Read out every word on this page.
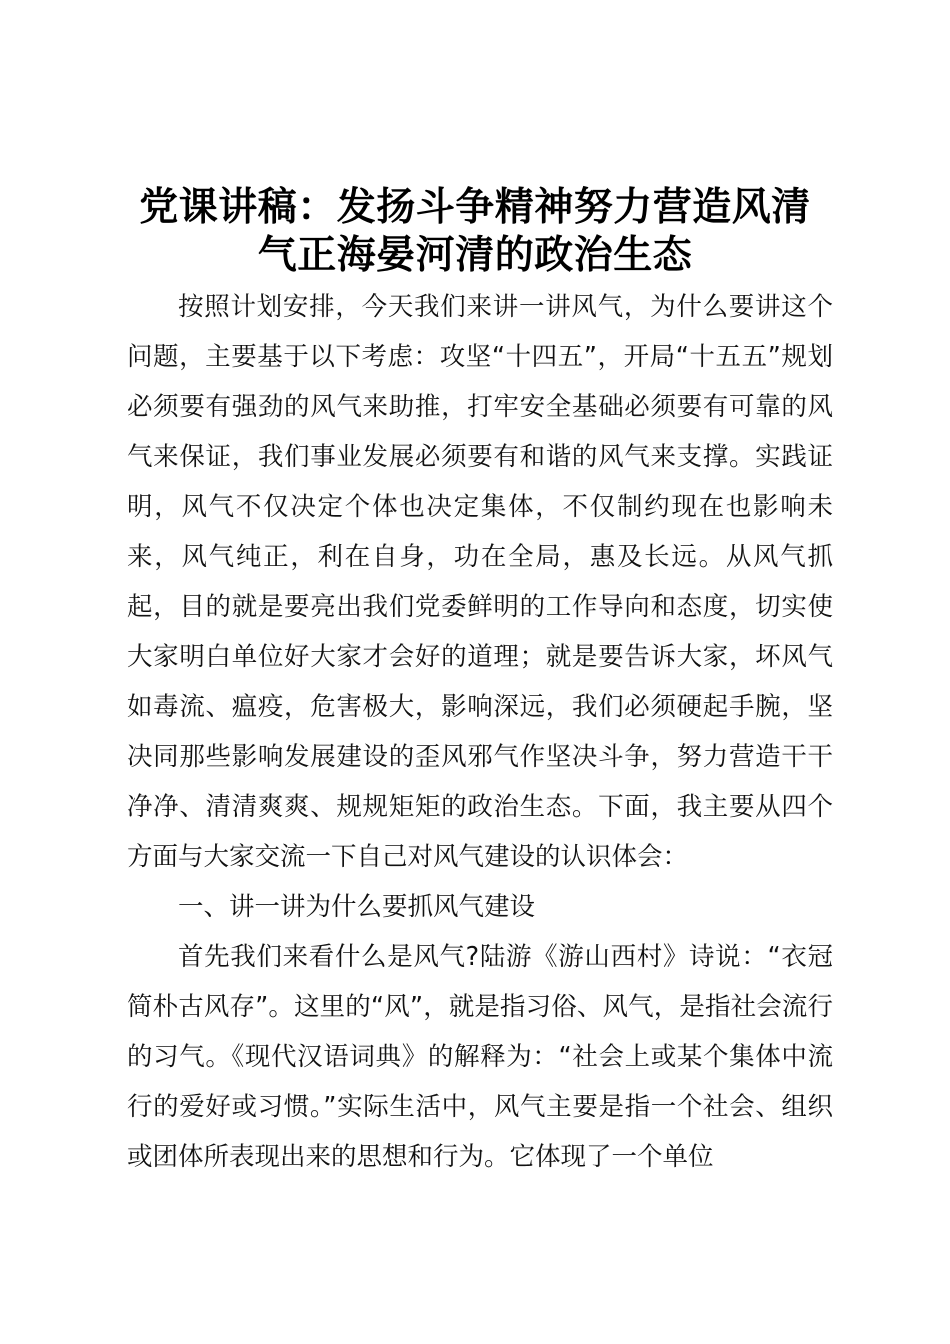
党课讲稿：发扬斗争精神努力营造风清
气正海晏河清的政治生态

按照计划安排，今天我们来讲一讲风气，为什么要讲这个问题，主要基于以下考虑：攻坚“十四五”，开局“十五五”规划必须要有强劲的风气来助推，打牢安全基础必须要有可靠的风气来保证，我们事业发展必须要有和谐的风气来支撑。实践证明，风气不仅决定个体也决定集体，不仅制约现在也影响未来，风气纯正，利在自身，功在全局，惠及长远。从风气抓起，目的就是要亮出我们党委鲜明的工作导向和态度，切实使大家明白单位好大家才会好的道理；就是要告诉大家，坏风气如毒流、瘟疫，危害极大，影响深远，我们必须硬起手腕，坚决同那些影响发展建设的歪风邪气作坚决斗争，努力营造干干净净、清清爽爽、规规矩矩的政治生态。下面，我主要从四个方面与大家交流一下自己对风气建设的认识体会：

一、讲一讲为什么要抓风气建设

首先我们来看什么是风气?陆游《游山西村》诗说：“衣冠简朴古风存”。这里的“风”，就是指习俗、风气，是指社会流行的习气。《现代汉语词典》的解释为：“社会上或某个集体中流行的爱好或习惯。”实际生活中，风气主要是指一个社会、组织或团体所表现出来的思想和行为。它体现了一个单位
